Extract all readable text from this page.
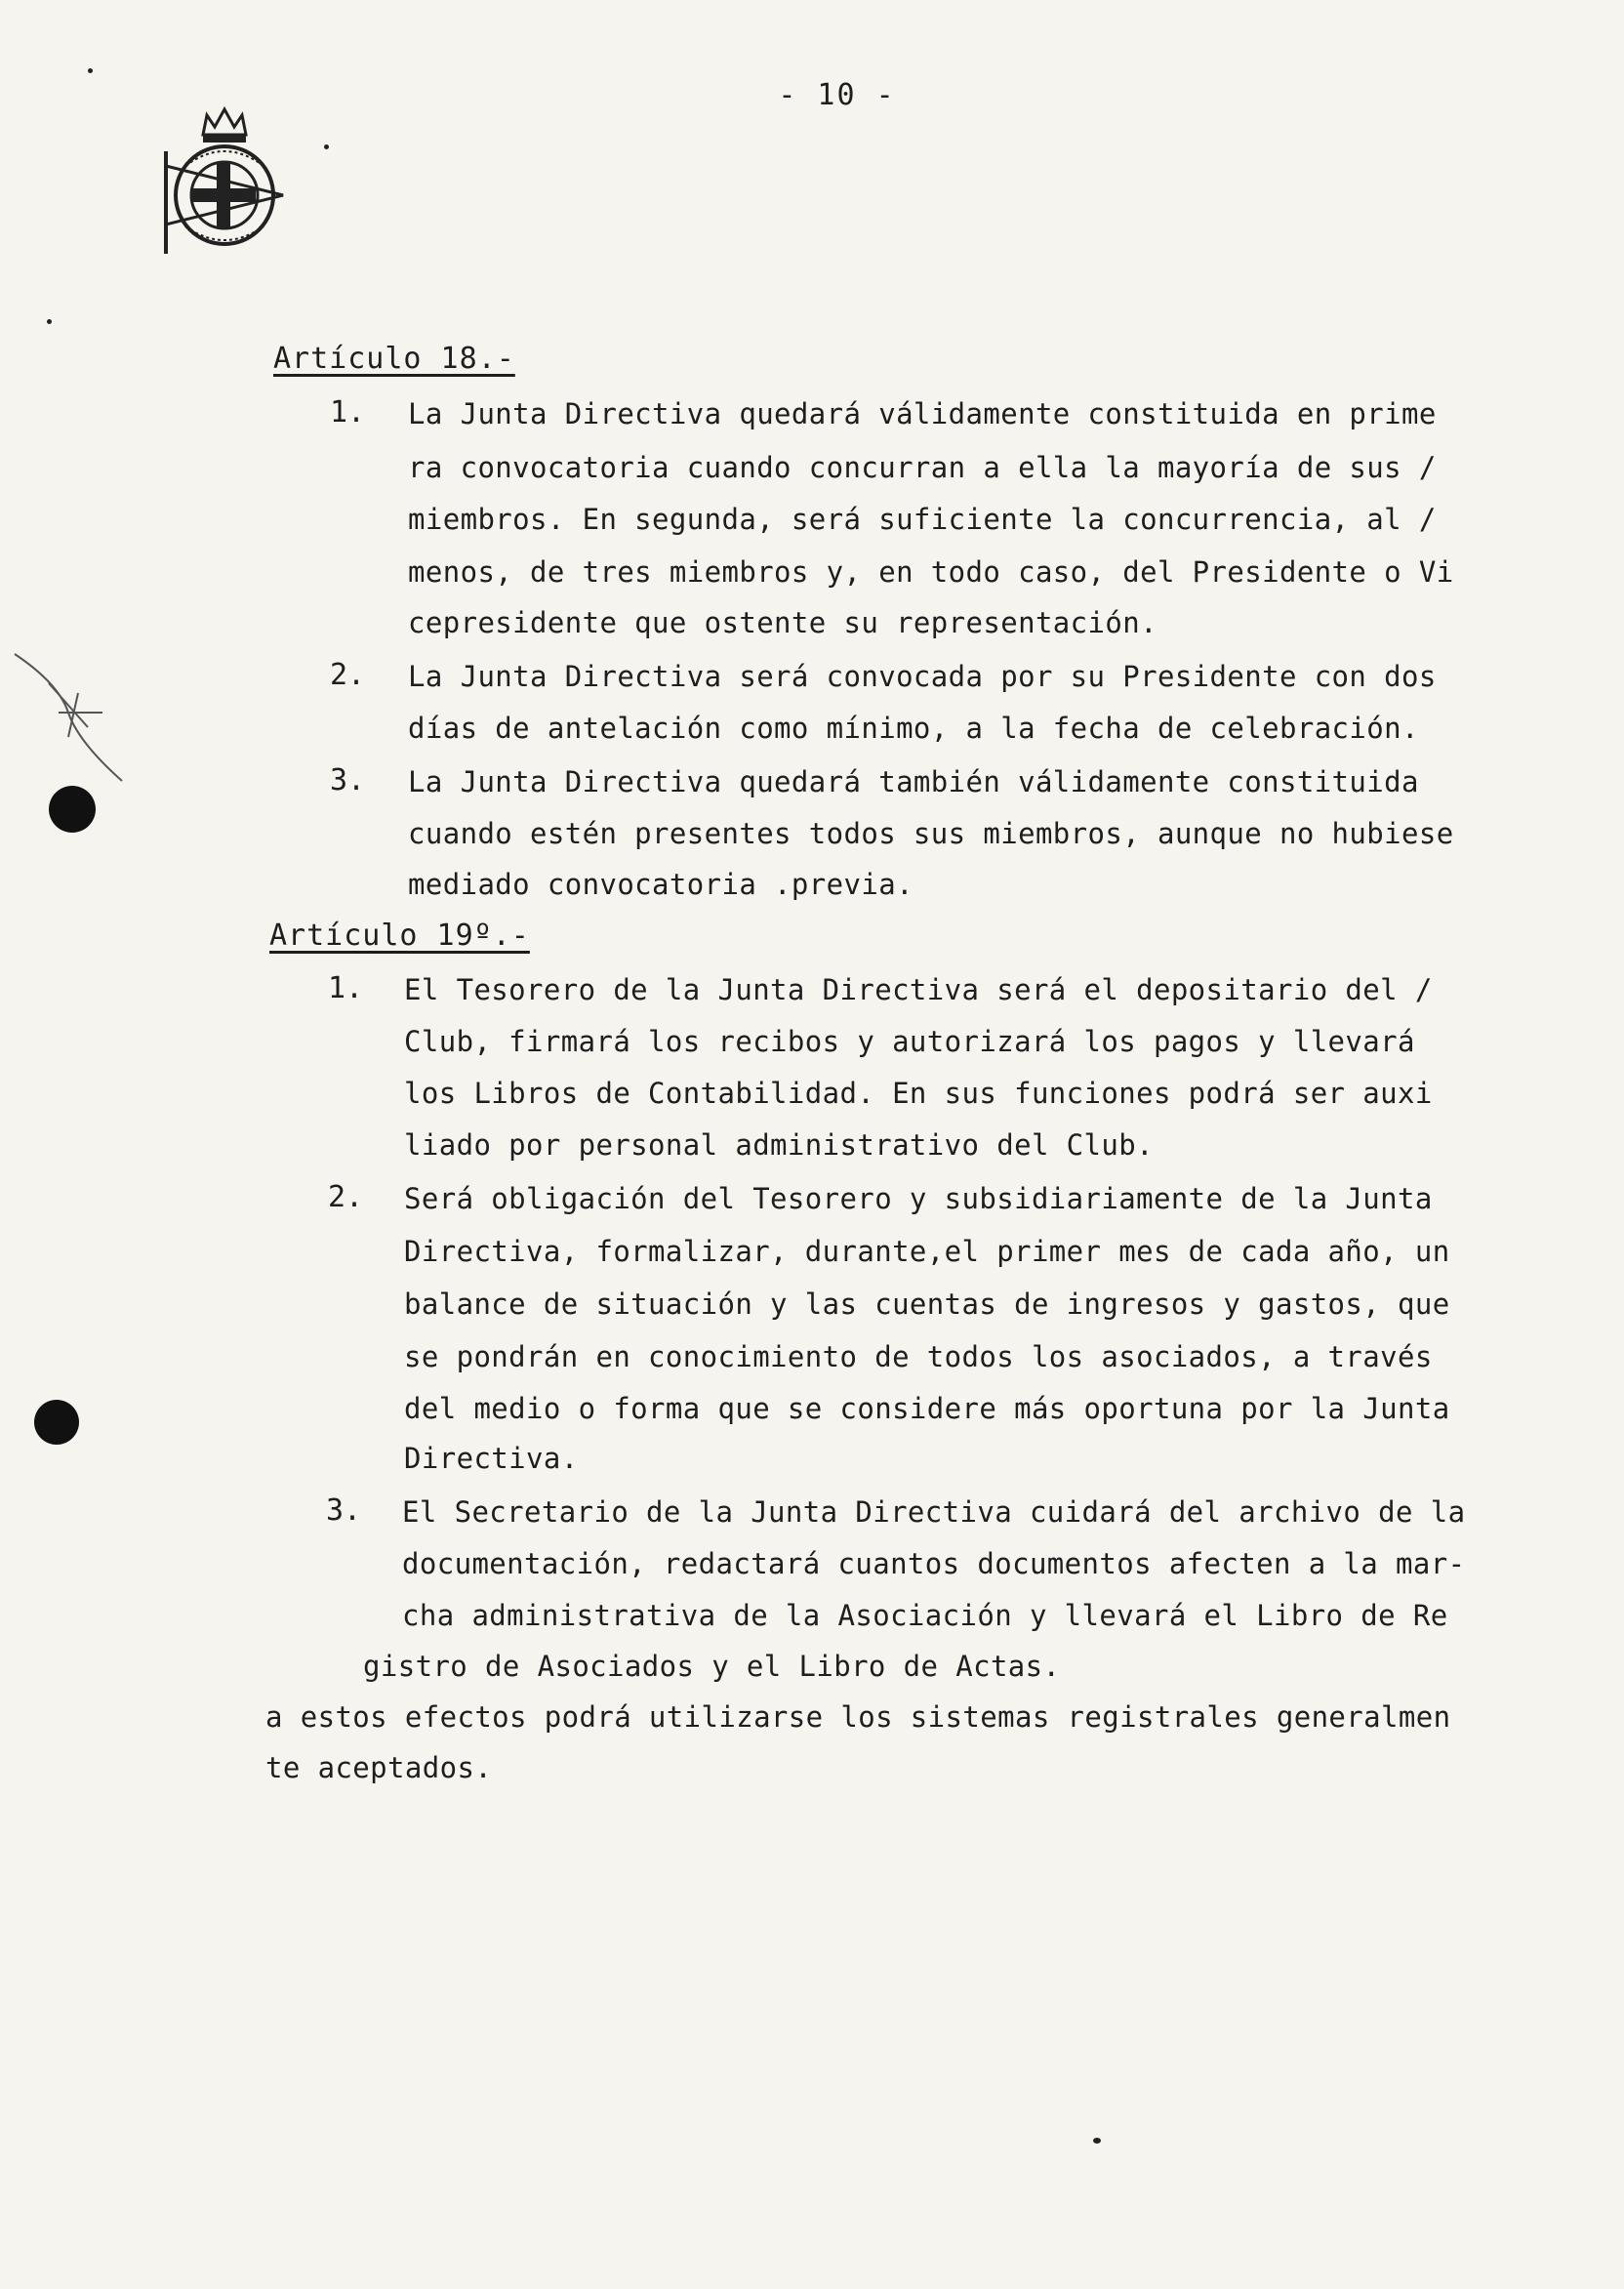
- 10 -
Artículo 18.-
1. La Junta Directiva quedará válidamente constituida en prime
ra convocatoria cuando concurran a ella la mayoría de sus /
miembros. En segunda, será suficiente la concurrencia, al /
menos, de tres miembros y, en todo caso, del Presidente o Vi
cepresidente que ostente su representación.
2. La Junta Directiva será convocada por su Presidente con dos
días de antelación como mínimo, a la fecha de celebración.
3. La Junta Directiva quedará también válidamente constituida
cuando estén presentes todos sus miembros, aunque no hubiese
mediado convocatoria .previa.
Artículo 19º.-
1. El Tesorero de la Junta Directiva será el depositario del /
Club, firmará los recibos y autorizará los pagos y llevará
los Libros de Contabilidad. En sus funciones podrá ser auxi
liado por personal administrativo del Club.
2. Será obligación del Tesorero y subsidiariamente de la Junta
Directiva, formalizar, durante,el primer mes de cada año, un
balance de situación y las cuentas de ingresos y gastos, que
se pondrán en conocimiento de todos los asociados, a través
del medio o forma que se considere más oportuna por la Junta
Directiva.
3. El Secretario de la Junta Directiva cuidará del archivo de la
documentación, redactará cuantos documentos afecten a la mar-
cha administrativa de la Asociación y llevará el Libro de Re
gistro de Asociados y el Libro de Actas.
a estos efectos podrá utilizarse los sistemas registrales generalmen
te aceptados.
